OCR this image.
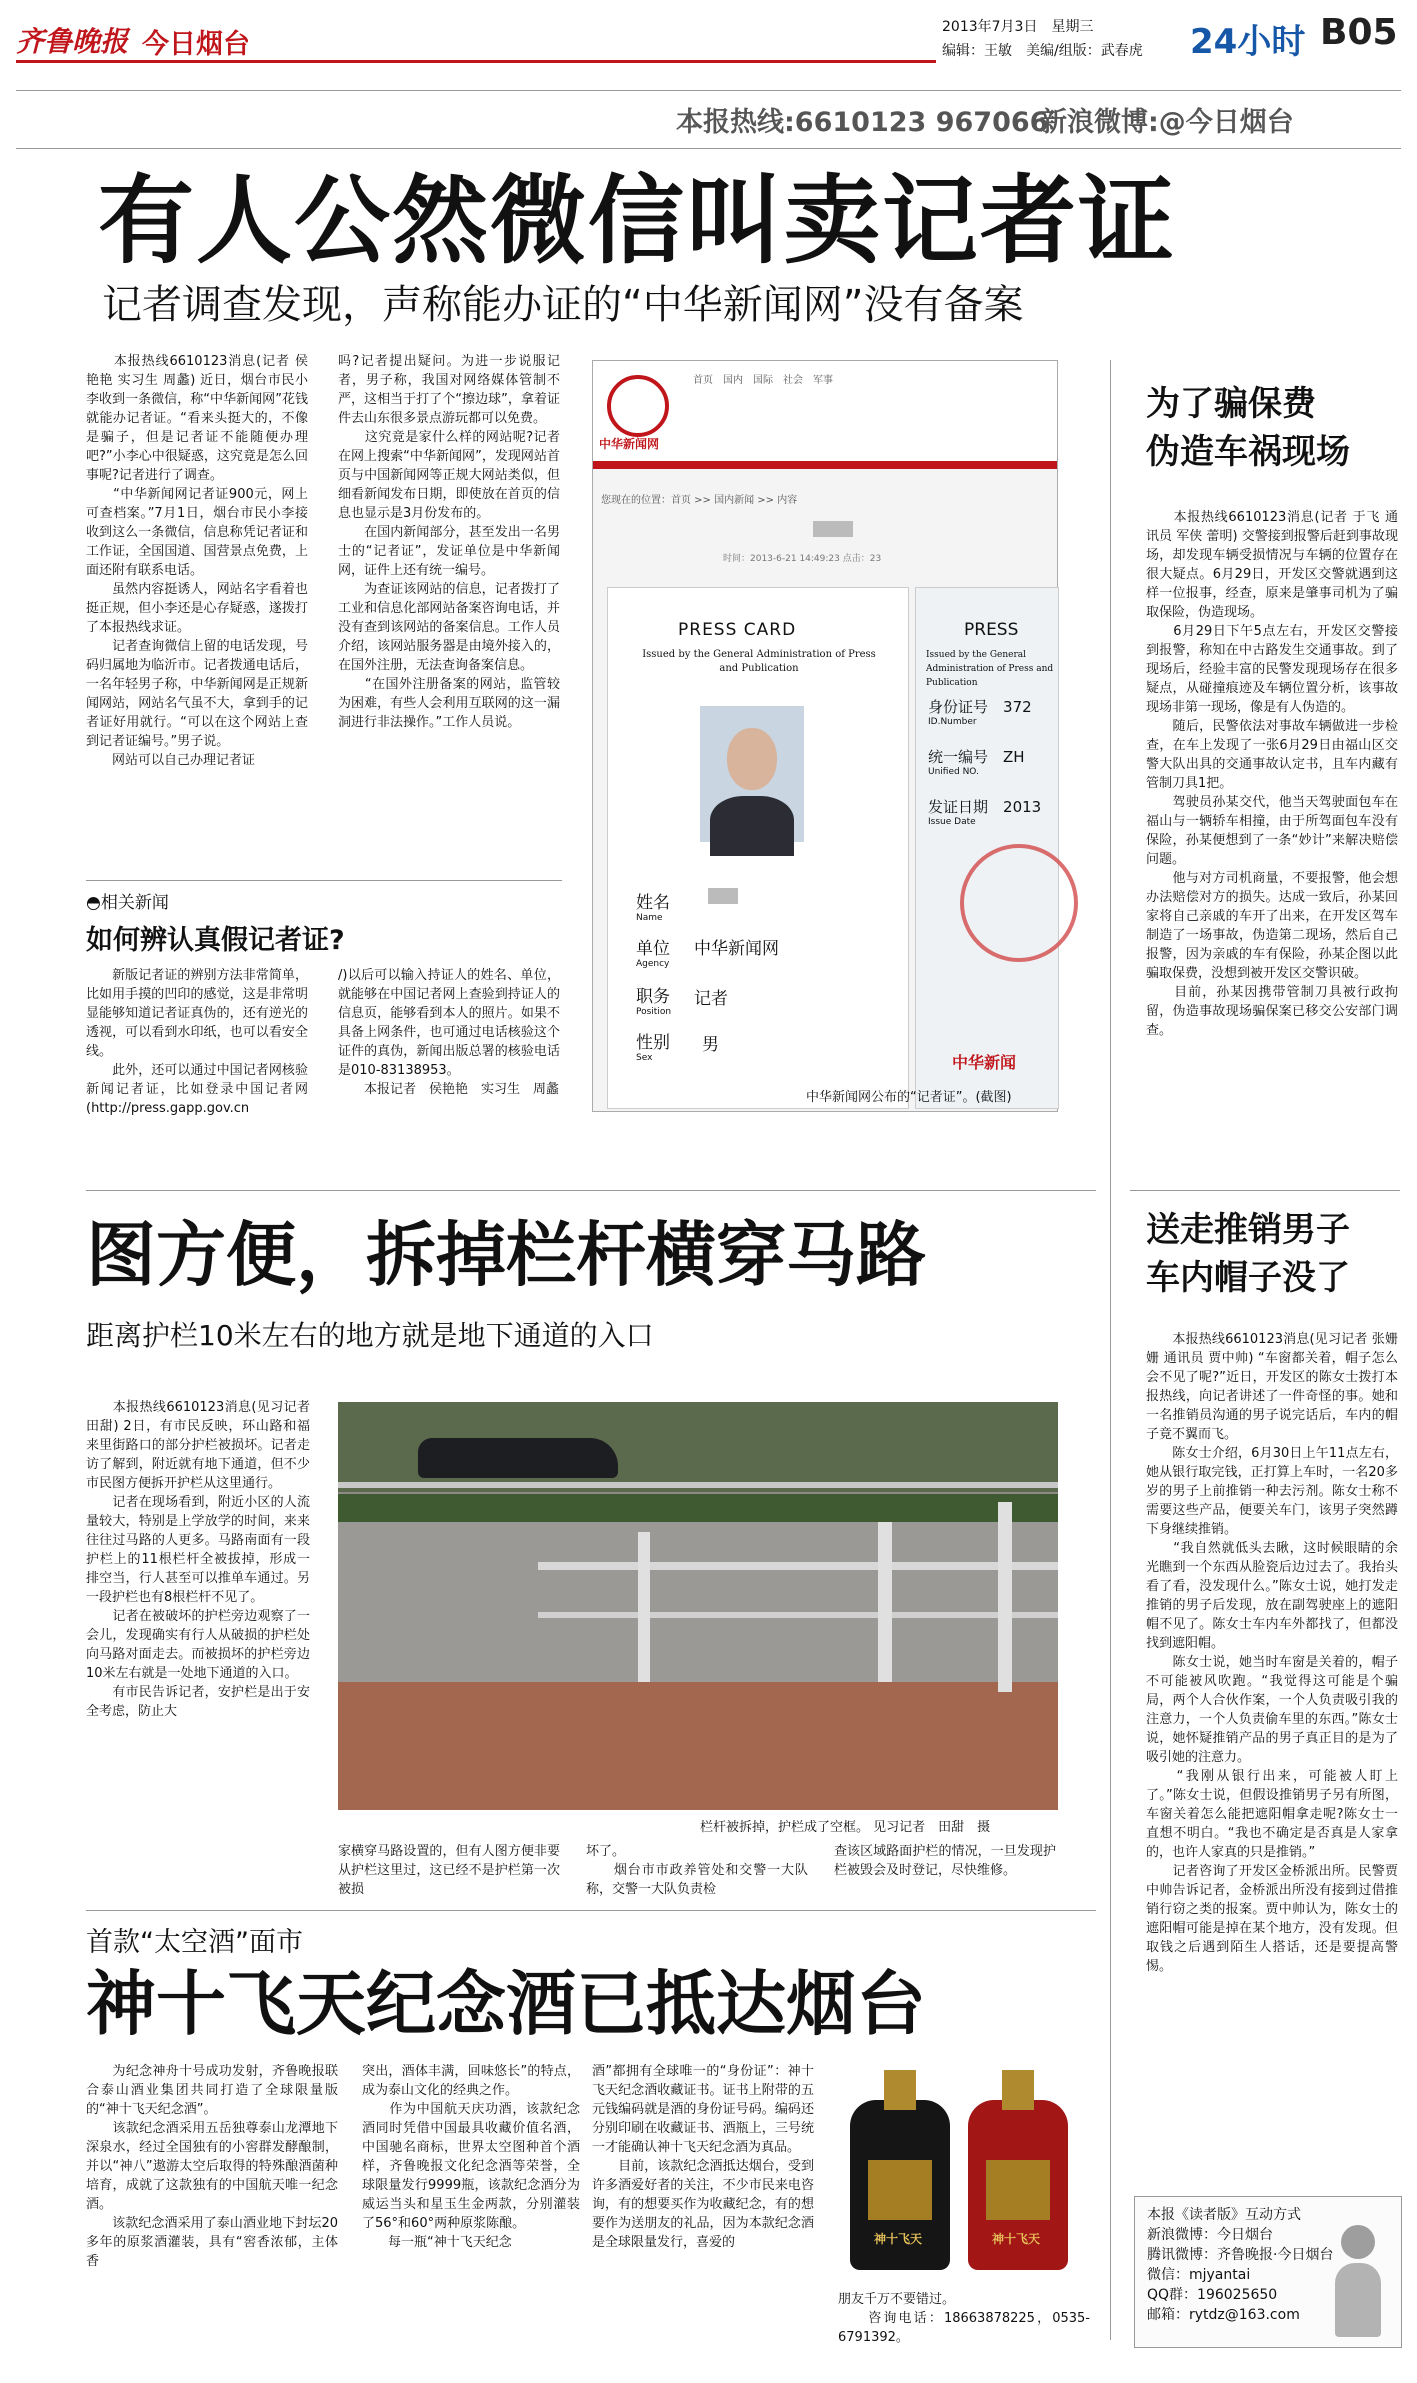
齐鲁晚报 今日烟台
2013年7月3日　 星期三
编辑：王敏　美编/组版：武春虎 24小时 B05
本报热线:6610123 967066
新浪微博:@今日烟台
有人公然微信叫卖记者证
记者调查发现，声称能办证的“中华新闻网”没有备案
　　本报热线6610123消息(记者 侯艳艳 实习生 周蠡) 近日，烟台市民小李收到一条微信，称“中华新闻网”花钱就能办记者证。“看来头挺大的，不像是骗子，但是记者证不能随便办理吧?”小李心中很疑惑，这究竟是怎么回事呢?记者进行了调查。
　　“中华新闻网记者证900元，网上可查档案。”7月1日，烟台市民小李接收到这么一条微信，信息称凭记者证和工作证，全国国道、国营景点免费，上面还附有联系电话。
　　虽然内容挺诱人，网站名字看着也挺正规，但小李还是心存疑惑，遂拨打了本报热线求证。
　　记者查询微信上留的电话发现，号码归属地为临沂市。记者拨通电话后，一名年轻男子称，中华新闻网是正规新闻网站，网站名气虽不大，拿到手的记者证好用就行。“可以在这个网站上查到记者证编号。”男子说。
　　网站可以自己办理记者证
吗?记者提出疑问。为进一步说服记者，男子称，我国对网络媒体管制不严，这相当于打了个“擦边球”，拿着证件去山东很多景点游玩都可以免费。
　　这究竟是家什么样的网站呢?记者在网上搜索“中华新闻网”，发现网站首页与中国新闻网等正规大网站类似，但细看新闻发布日期，即使放在首页的信息也显示是3月份发布的。
　　在国内新闻部分，甚至发出一名男士的“记者证”，发证单位是中华新闻网，证件上还有统一编号。
　　为查证该网站的信息，记者拨打了工业和信息化部网站备案咨询电话，并没有查到该网站的备案信息。工作人员介绍，该网站服务器是由境外接入的，在国外注册，无法查询备案信息。
　　“在国外注册备案的网站，监管较为困难，有些人会利用互联网的这一漏洞进行非法操作。”工作人员说。
中华新闻网
首页　国内　国际　社会　军事
您现在的位置：首页 >> 国内新闻 >> 内容
时间：2013-6-21 14:49:23 点击：23
PRESS CARD
Issued by the General Administration of Press and Publication
姓名
Name
单位
Agency
中华新闻网
职务
Position
记者
性别
Sex
男
PRESS
Issued by the General Administration of Press and Publication
身份证号　 372
ID.Number
统一编号　 ZH
Unified NO.
发证日期　 2013
Issue Date
中华新闻
中华新闻网公布的“记者证”。(截图)
◓相关新闻
如何辨认真假记者证?
　　新版记者证的辨别方法非常简单，比如用手摸的凹印的感觉，这是非常明显能够知道记者证真伪的，还有逆光的透视，可以看到水印纸，也可以看安全线。
　　此外，还可以通过中国记者网核验新闻记者证，比如登录中国记者网(http://press.gapp.gov.cn
/)以后可以输入持证人的姓名、单位，就能够在中国记者网上查验到持证人的信息页，能够看到本人的照片。如果不具备上网条件，也可通过电话核验这个证件的真伪，新闻出版总署的核验电话是010-83138953。
　　本报记者　侯艳艳　实习生　周蠡
图方便，拆掉栏杆横穿马路
距离护栏10米左右的地方就是地下通道的入口
　　本报热线6610123消息(见习记者 田甜) 2日，有市民反映，环山路和福来里街路口的部分护栏被损坏。记者走访了解到，附近就有地下通道，但不少市民图方便拆开护栏从这里通行。
　　记者在现场看到，附近小区的人流量较大，特别是上学放学的时间，来来往往过马路的人更多。马路南面有一段护栏上的11根栏杆全被拔掉，形成一排空当，行人甚至可以推单车通过。另一段护栏也有8根栏杆不见了。
　　记者在被破坏的护栏旁边观察了一会儿，发现确实有行人从破损的护栏处向马路对面走去。而被损坏的护栏旁边10米左右就是一处地下通道的入口。
　　有市民告诉记者，安护栏是出于安全考虑，防止大
栏杆被拆掉，护栏成了空框。 见习记者　田甜　摄
家横穿马路设置的，但有人图方便非要从护栏这里过，这已经不是护栏第一次被损
坏了。
　　烟台市市政养管处和交警一大队称，交警一大队负责检
查该区域路面护栏的情况，一旦发现护栏被毁会及时登记，尽快维修。
首款“太空酒”面市
神十飞天纪念酒已抵达烟台
　　为纪念神舟十号成功发射，齐鲁晚报联合泰山酒业集团共同打造了全球限量版的“神十飞天纪念酒”。
　　该款纪念酒采用五岳独尊泰山龙潭地下深泉水，经过全国独有的小窖群发酵酿制，并以“神八”遨游太空后取得的特殊酿酒菌种培育，成就了这款独有的中国航天唯一纪念酒。
　　该款纪念酒采用了泰山酒业地下封坛20多年的原浆酒灌装，具有“窖香浓郁，主体香
突出，酒体丰满，回味悠长”的特点，成为泰山文化的经典之作。
　　作为中国航天庆功酒，该款纪念酒同时凭借中国最具收藏价值名酒，中国驰名商标，世界太空图种首个酒样，齐鲁晚报文化纪念酒等荣誉，全球限量发行9999瓶，该款纪念酒分为威运当头和星玉生金两款，分别灌装了56°和60°两种原浆陈酿。
　　每一瓶“神十飞天纪念
酒”都拥有全球唯一的“身份证”：神十飞天纪念酒收藏证书。证书上附带的五元钱编码就是酒的身份证号码。编码还分别印刷在收藏证书、酒瓶上，三号统一才能确认神十飞天纪念酒为真品。
　　目前，该款纪念酒抵达烟台，受到许多酒爱好者的关注，不少市民来电咨询，有的想要买作为收藏纪念，有的想要作为送朋友的礼品，因为本款纪念酒是全球限量发行，喜爱的	神十飞天	神十飞天
朋友千万不要错过。
　　咨询电话：18663878225，0535-6791392。
为了骗保费
伪造车祸现场
　　本报热线6610123消息(记者 于飞 通讯员 军侠 蕾明) 交警接到报警后赶到事故现场，却发现车辆受损情况与车辆的位置存在很大疑点。6月29日，开发区交警就遇到这样一位报事，经查，原来是肇事司机为了骗取保险，伪造现场。
　　6月29日下午5点左右，开发区交警接到报警，称知在中古路发生交通事故。到了现场后，经验丰富的民警发现现场存在很多疑点，从碰撞痕迹及车辆位置分析，该事故现场非第一现场，像是有人伪造的。
　　随后，民警依法对事故车辆做进一步检查，在车上发现了一张6月29日由福山区交警大队出具的交通事故认定书，且车内藏有管制刀具1把。
　　驾驶员孙某交代，他当天驾驶面包车在福山与一辆轿车相撞，由于所驾面包车没有保险，孙某便想到了一条“妙计”来解决赔偿问题。
　　他与对方司机商量，不要报警，他会想办法赔偿对方的损失。达成一致后，孙某回家将自己亲戚的车开了出来，在开发区驾车制造了一场事故，伪造第二现场，然后自己报警，因为亲戚的车有保险，孙某企图以此骗取保费，没想到被开发区交警识破。
　　目前，孙某因携带管制刀具被行政拘留，伪造事故现场骗保案已移交公安部门调查。
送走推销男子
车内帽子没了
　　本报热线6610123消息(见习记者 张姗姗 通讯员 贾中帅) “车窗都关着，帽子怎么会不见了呢?”近日，开发区的陈女士拨打本报热线，向记者讲述了一件奇怪的事。她和一名推销员沟通的男子说完话后，车内的帽子竟不翼而飞。
　　陈女士介绍，6月30日上午11点左右，她从银行取完钱，正打算上车时，一名20多岁的男子上前推销一种去污剂。陈女士称不需要这些产品，便要关车门，该男子突然蹲下身继续推销。
　　“我自然就低头去瞅，这时候眼睛的余光瞧到一个东西从脸瓷后边过去了。我抬头看了看，没发现什么。”陈女士说，她打发走推销的男子后发现，放在副驾驶座上的遮阳帽不见了。陈女士车内车外都找了，但都没找到遮阳帽。
　　陈女士说，她当时车窗是关着的，帽子不可能被风吹跑。“我觉得这可能是个骗局，两个人合伙作案，一个人负责吸引我的注意力，一个人负责偷车里的东西。”陈女士说，她怀疑推销产品的男子真正目的是为了吸引她的注意力。
　　“我刚从银行出来，可能被人盯上了。”陈女士说，但假设推销男子另有所图，车窗关着怎么能把遮阳帽拿走呢?陈女士一直想不明白。“我也不确定是否真是人家拿的，也许人家真的只是推销。”
　　记者咨询了开发区金桥派出所。民警贾中帅告诉记者，金桥派出所没有接到过借推销行窃之类的报案。贾中帅认为，陈女士的遮阳帽可能是掉在某个地方，没有发现。但取钱之后遇到陌生人搭话，还是要提高警惕。
本报《读者版》互动方式
新浪微博：今日烟台
腾讯微博：齐鲁晚报·今日烟台
微信：mjyantai
QQ群：196025650
邮箱：rytdz@163.com
